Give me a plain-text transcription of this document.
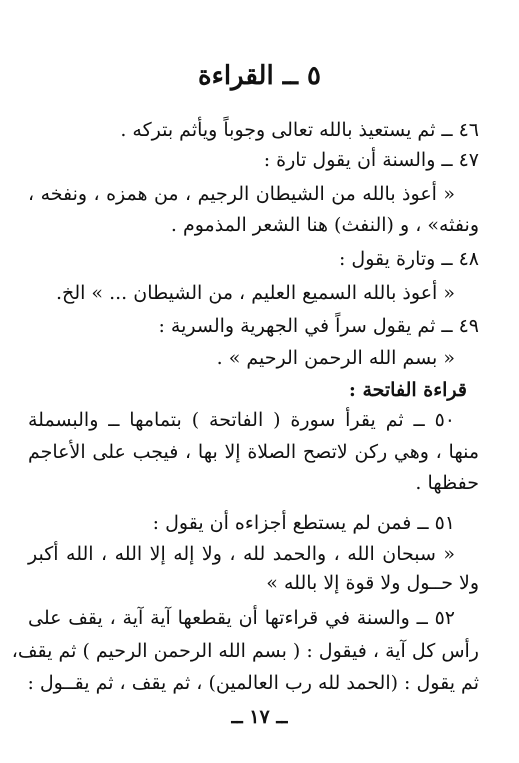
٥ ــ القراءة
٤٦ ــ ثم يستعيذ بالله تعالى وجوباً ويأثم بتركه .
٤٧ ــ والسنة أن يقول تارة :
« أعوذ بالله من الشيطان الرجيم ، من همزه ، ونفخه ،
ونفثه» ، و (النفث) هنا الشعر المذموم .
٤٨ ــ وتارة يقول :
« أعوذ بالله السميع العليم ، من الشيطان ... » الخ.
٤٩ ــ ثم يقول سراً في الجهرية والسرية :
« بسم الله الرحمن الرحيم » .
قراءة الفاتحة :
٥٠ ــ ثم يقرأ سورة ( الفاتحة ) بتمامها ــ والبسملة
منها ، وهي ركن لاتصح الصلاة إلا بها ، فيجب على الأعاجم
حفظها .
٥١ ــ فمن لم يستطع أجزاءه أن يقول :
« سبحان الله ، والحمد لله ، ولا إله إلا الله ، الله أكبر
ولا حــول ولا قوة إلا بالله »
٥٢ ــ والسنة في قراءتها أن يقطعها آية آية ، يقف على
رأس كل آية ، فيقول : ( بسم الله الرحمن الرحيم ) ثم يقف،
ثم يقول : (الحمد لله رب العالمين) ، ثم يقف ، ثم يقــول :
ــ ١٧ ــ
